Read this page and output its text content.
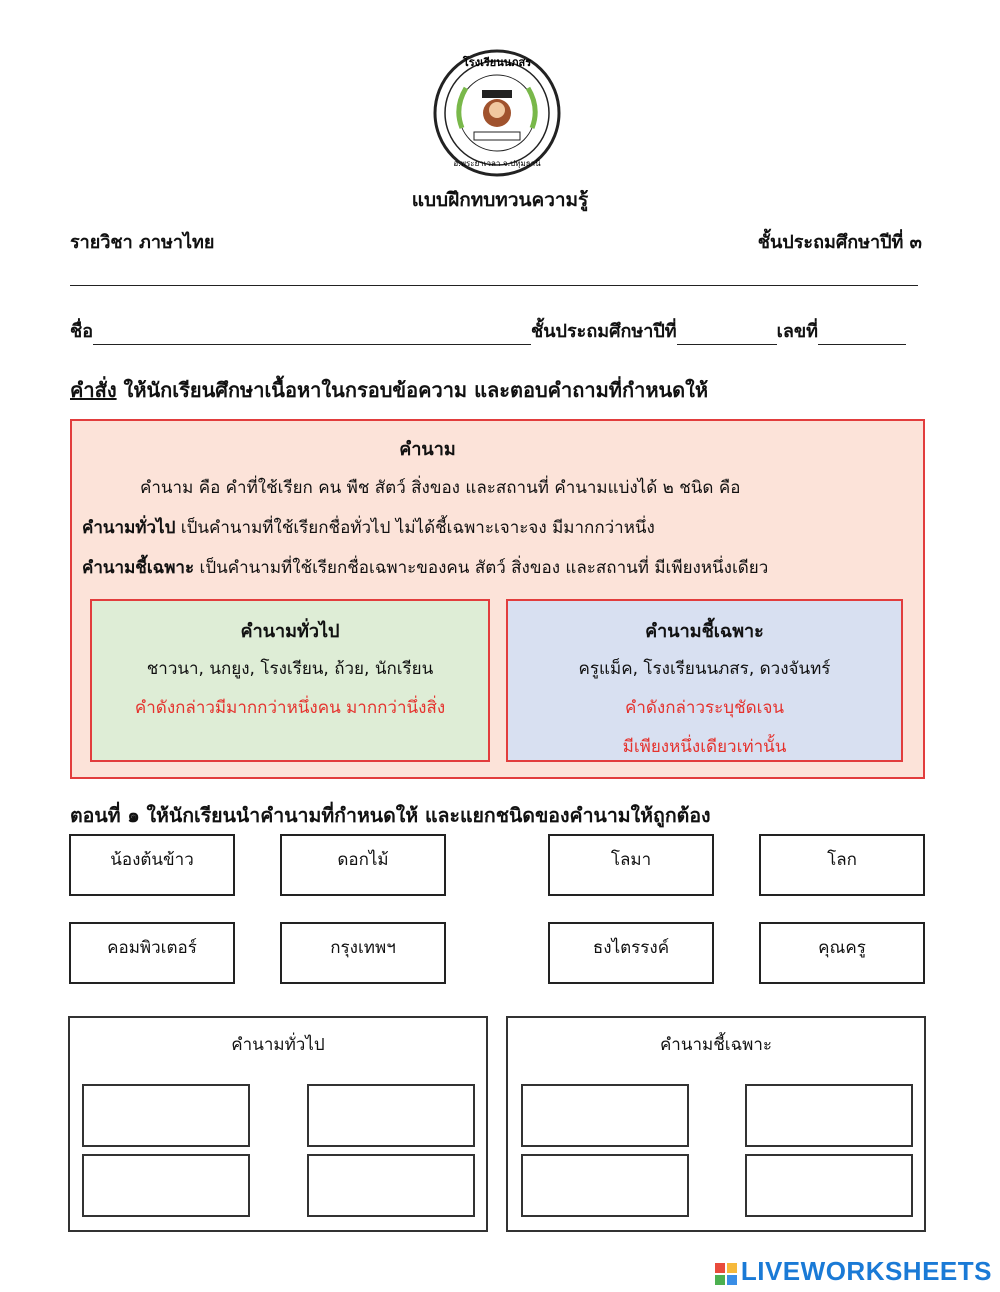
โรงเรียนนภสร
อ.พระยาเวลา จ.ปทุมธานี
แบบฝึกทบทวนความรู้
รายวิชา ภาษาไทย	ชั้นประถมศึกษาปีที่ ๓
ชื่อ	ชั้นประถมศึกษาปีที่	เลขที่
คำสั่ง ให้นักเรียนศึกษาเนื้อหาในกรอบข้อความ และตอบคำถามที่กำหนดให้
คำนาม
คำนาม คือ คำที่ใช้เรียก คน พืช สัตว์ สิ่งของ และสถานที่ คำนามแบ่งได้ ๒ ชนิด คือ
คำนามทั่วไป เป็นคำนามที่ใช้เรียกชื่อทั่วไป ไม่ได้ชี้เฉพาะเจาะจง มีมากกว่าหนึ่ง
คำนามชี้เฉพาะ เป็นคำนามที่ใช้เรียกชื่อเฉพาะของคน สัตว์ สิ่งของ และสถานที่ มีเพียงหนึ่งเดียว
คำนามทั่วไป
ชาวนา, นกยูง, โรงเรียน, ถ้วย, นักเรียน
คำดังกล่าวมีมากกว่าหนึ่งคน มากกว่านึ่งสิ่ง
คำนามชี้เฉพาะ
ครูแม็ค, โรงเรียนนภสร, ดวงจันทร์
คำดังกล่าวระบุชัดเจน
มีเพียงหนึ่งเดียวเท่านั้น
ตอนที่ ๑ ให้นักเรียนนำคำนามที่กำหนดให้ และแยกชนิดของคำนามให้ถูกต้อง
น้องต้นข้าว	ดอกไม้	โลมา	โลก
คอมพิวเตอร์	กรุงเทพฯ	ธงไตรรงค์	คุณครู
คำนามทั่วไป	คำนามชี้เฉพาะ
LIVEWORKSHEETS
